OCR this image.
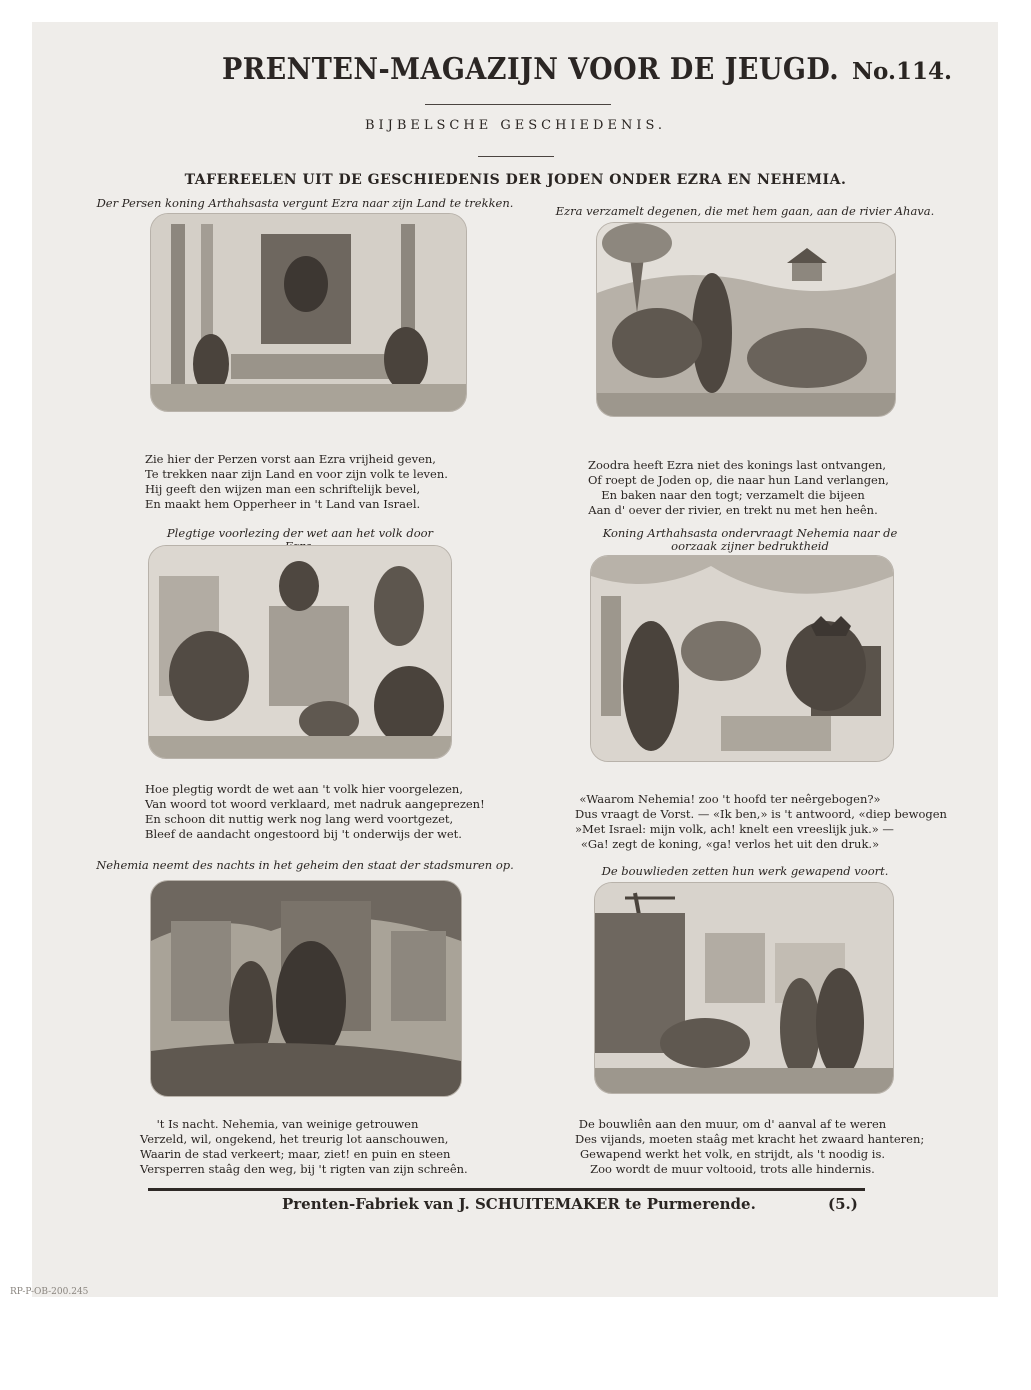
PRENTEN-MAGAZIJN VOOR DE JEUGD. No.114.
BIJBELSCHE GESCHIEDENIS.
TAFEREELEN UIT DE GESCHIEDENIS DER JODEN ONDER EZRA EN NEHEMIA.
Der Persen koning Arthahsasta vergunt Ezra naar zijn Land te trekken.
Zie hier der Perzen vorst aan Ezra vrijheid geven,
Te trekken naar zijn Land en voor zijn volk te leven.
Hij geeft den wijzen man een schriftelijk bevel,
En maakt hem Opperheer in 't Land van Israel.
Ezra verzamelt degenen, die met hem gaan, aan de rivier Ahava.
Zoodra heeft Ezra niet des konings last ontvangen,
Of roept de Joden op, die naar hun Land verlangen,
En baken naar den togt; verzamelt die bijeen
Aan d' oever der rivier, en trekt nu met hen heên.
Plegtige voorlezing der wet aan het volk door
Hoe plegtig wordt de wet aan 't volk hier voorgelezen,
Van woord tot woord verklaard, met nadruk aangeprezen!
En schoon dit nuttig werk nog lang werd voortgezet,
Bleef de aandacht ongestoord bij 't onderwijs der wet.
Koning Arthahsasta ondervraagt Nehemia naar de oorzaak zijner bedruktheid
«Waarom Nehemia! zoo 't hoofd ter neêrgebogen?»
Dus vraagt de Vorst. — «Ik ben,» is 't antwoord, «diep bewogen
»Met Israel: mijn volk, ach! knelt een vreeslijk juk.» —
«Ga! zegt de koning, «ga! verlos het uit den druk.»
Nehemia neemt des nachts in het geheim den staat der stadsmuren op.
't Is nacht. Nehemia, van weinige getrouwen
Verzeld, wil, ongekend, het treurig lot aanschouwen,
Waarin de stad verkeert; maar, ziet! en puin en steen
Versperren staâg den weg, bij 't rigten van zijn schreên.
De bouwlieden zetten hun werk gewapend voort.
De bouwliên aan den muur, om d' aanval af te weren
Des vijands, moeten staâg met kracht het zwaard hanteren;
Gewapend werkt het volk, en strijdt, als 't noodig is.
Zoo wordt de muur voltooid, trots alle hindernis.
Prenten-Fabriek van J. SCHUITEMAKER te Purmerende.	(5.)
RP-P-OB-200.245
